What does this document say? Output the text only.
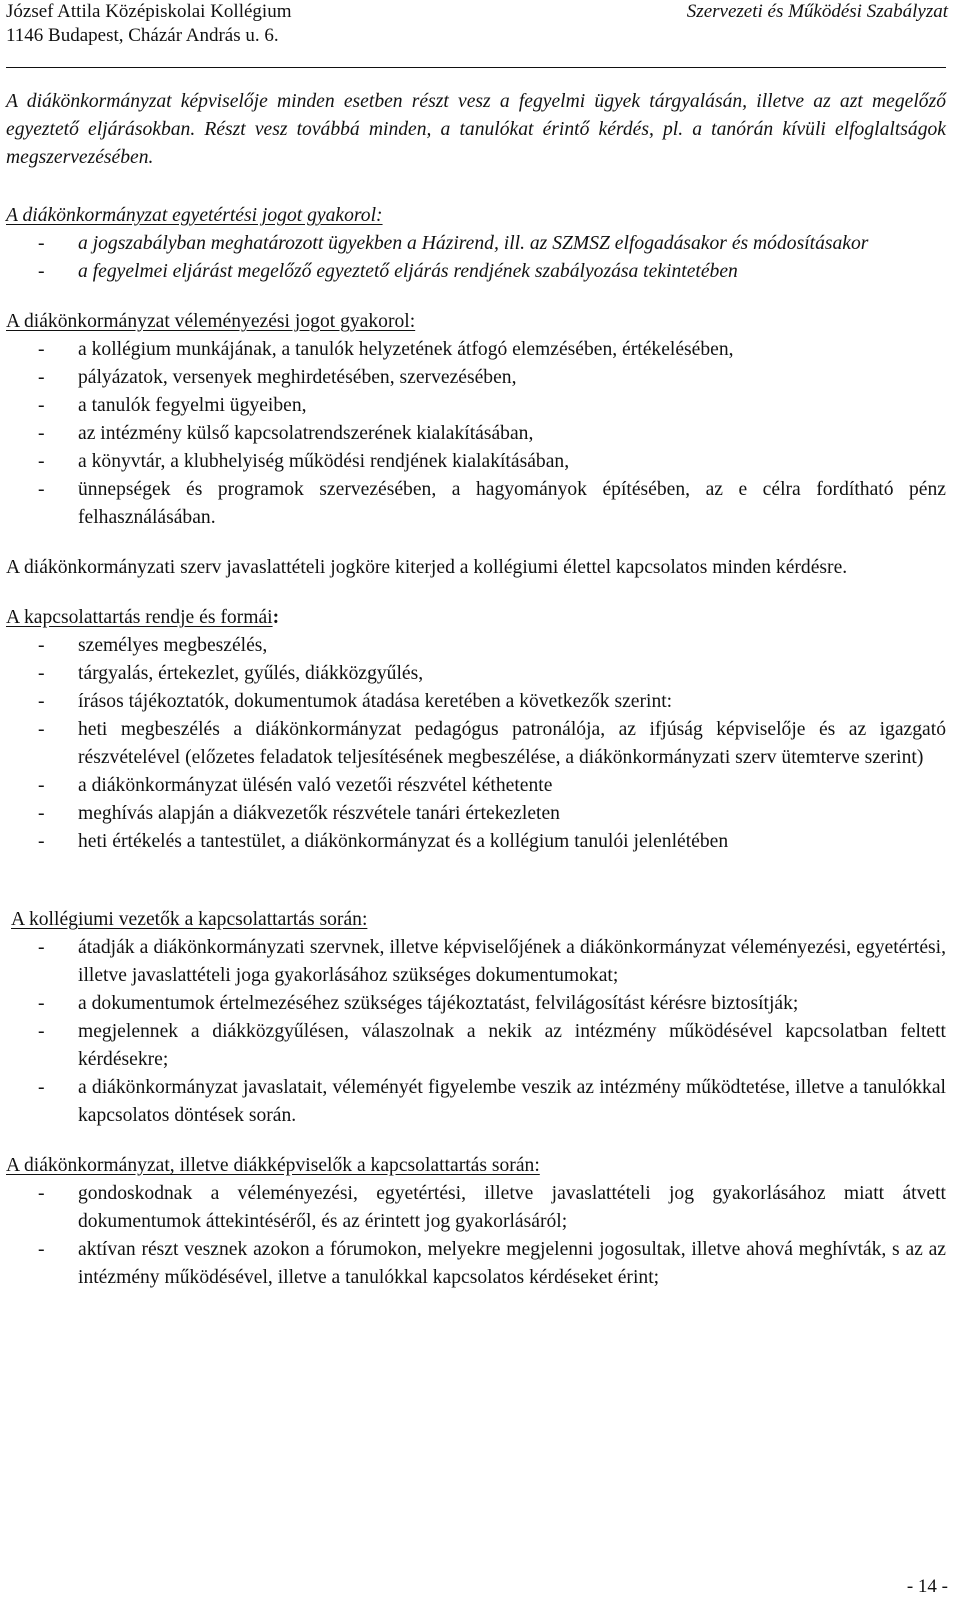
József Attila Középiskolai Kollégium	Szervezeti és Működési Szabályzat
1146 Budapest, Cházár András u. 6.

A diákönkormányzat képviselője minden esetben részt vesz a fegyelmi ügyek tárgyalásán, illetve az azt megelőző egyeztető eljárásokban. Részt vesz továbbá minden, a tanulókat érintő kérdés, pl. a tanórán kívüli elfoglaltságok megszervezésében.

A diákönkormányzat egyetértési jogot gyakorol:

- a jogszabályban meghatározott ügyekben a Házirend, ill. az SZMSZ elfogadásakor és módosításakor
- a fegyelmei eljárást megelőző egyeztető eljárás rendjének szabályozása tekintetében

A diákönkormányzat véleményezési jogot gyakorol:

- a kollégium munkájának, a tanulók helyzetének átfogó elemzésében, értékelésében,
- pályázatok, versenyek meghirdetésében, szervezésében,
- a tanulók fegyelmi ügyeiben,
- az intézmény külső kapcsolatrendszerének kialakításában,
- a könyvtár, a klubhelyiség működési rendjének kialakításában,
- ünnepségek és programok szervezésében, a hagyományok építésében, az e célra fordítható pénz felhasználásában.

A diákönkormányzati szerv javaslattételi jogköre kiterjed a kollégiumi élettel kapcsolatos minden kérdésre.

A kapcsolattartás rendje és formái:

- személyes megbeszélés,
- tárgyalás, értekezlet, gyűlés, diákközgyűlés,
- írásos tájékoztatók, dokumentumok átadása keretében a következők szerint:
- heti megbeszélés a diákönkormányzat pedagógus patronálója, az ifjúság képviselője és az igazgató részvételével (előzetes feladatok teljesítésének megbeszélése, a diákönkormányzati szerv ütemterve szerint)
- a diákönkormányzat ülésén való vezetői részvétel kéthetente
- meghívás alapján a diákvezetők részvétele tanári értekezleten
- heti értékelés a tantestület, a diákönkormányzat és a kollégium tanulói jelenlétében

A kollégiumi vezetők a kapcsolattartás során:

- átadják a diákönkormányzati szervnek, illetve képviselőjének a diákönkormányzat véleményezési, egyetértési, illetve javaslattételi joga gyakorlásához szükséges dokumentumokat;
- a dokumentumok értelmezéséhez szükséges tájékoztatást, felvilágosítást kérésre biztosítják;
- megjelennek a diákközgyűlésen, válaszolnak a nekik az intézmény működésével kapcsolatban feltett kérdésekre;
- a diákönkormányzat javaslatait, véleményét figyelembe veszik az intézmény működtetése, illetve a tanulókkal kapcsolatos döntések során.

A diákönkormányzat, illetve diákképviselők a kapcsolattartás során:

- gondoskodnak a véleményezési, egyetértési, illetve javaslattételi jog gyakorlásához miatt átvett dokumentumok áttekintéséről, és az érintett jog gyakorlásáról;
- aktívan részt vesznek azokon a fórumokon, melyekre megjelenni jogosultak, illetve ahová meghívták, s az az intézmény működésével, illetve a tanulókkal kapcsolatos kérdéseket érint;
- 14 -
